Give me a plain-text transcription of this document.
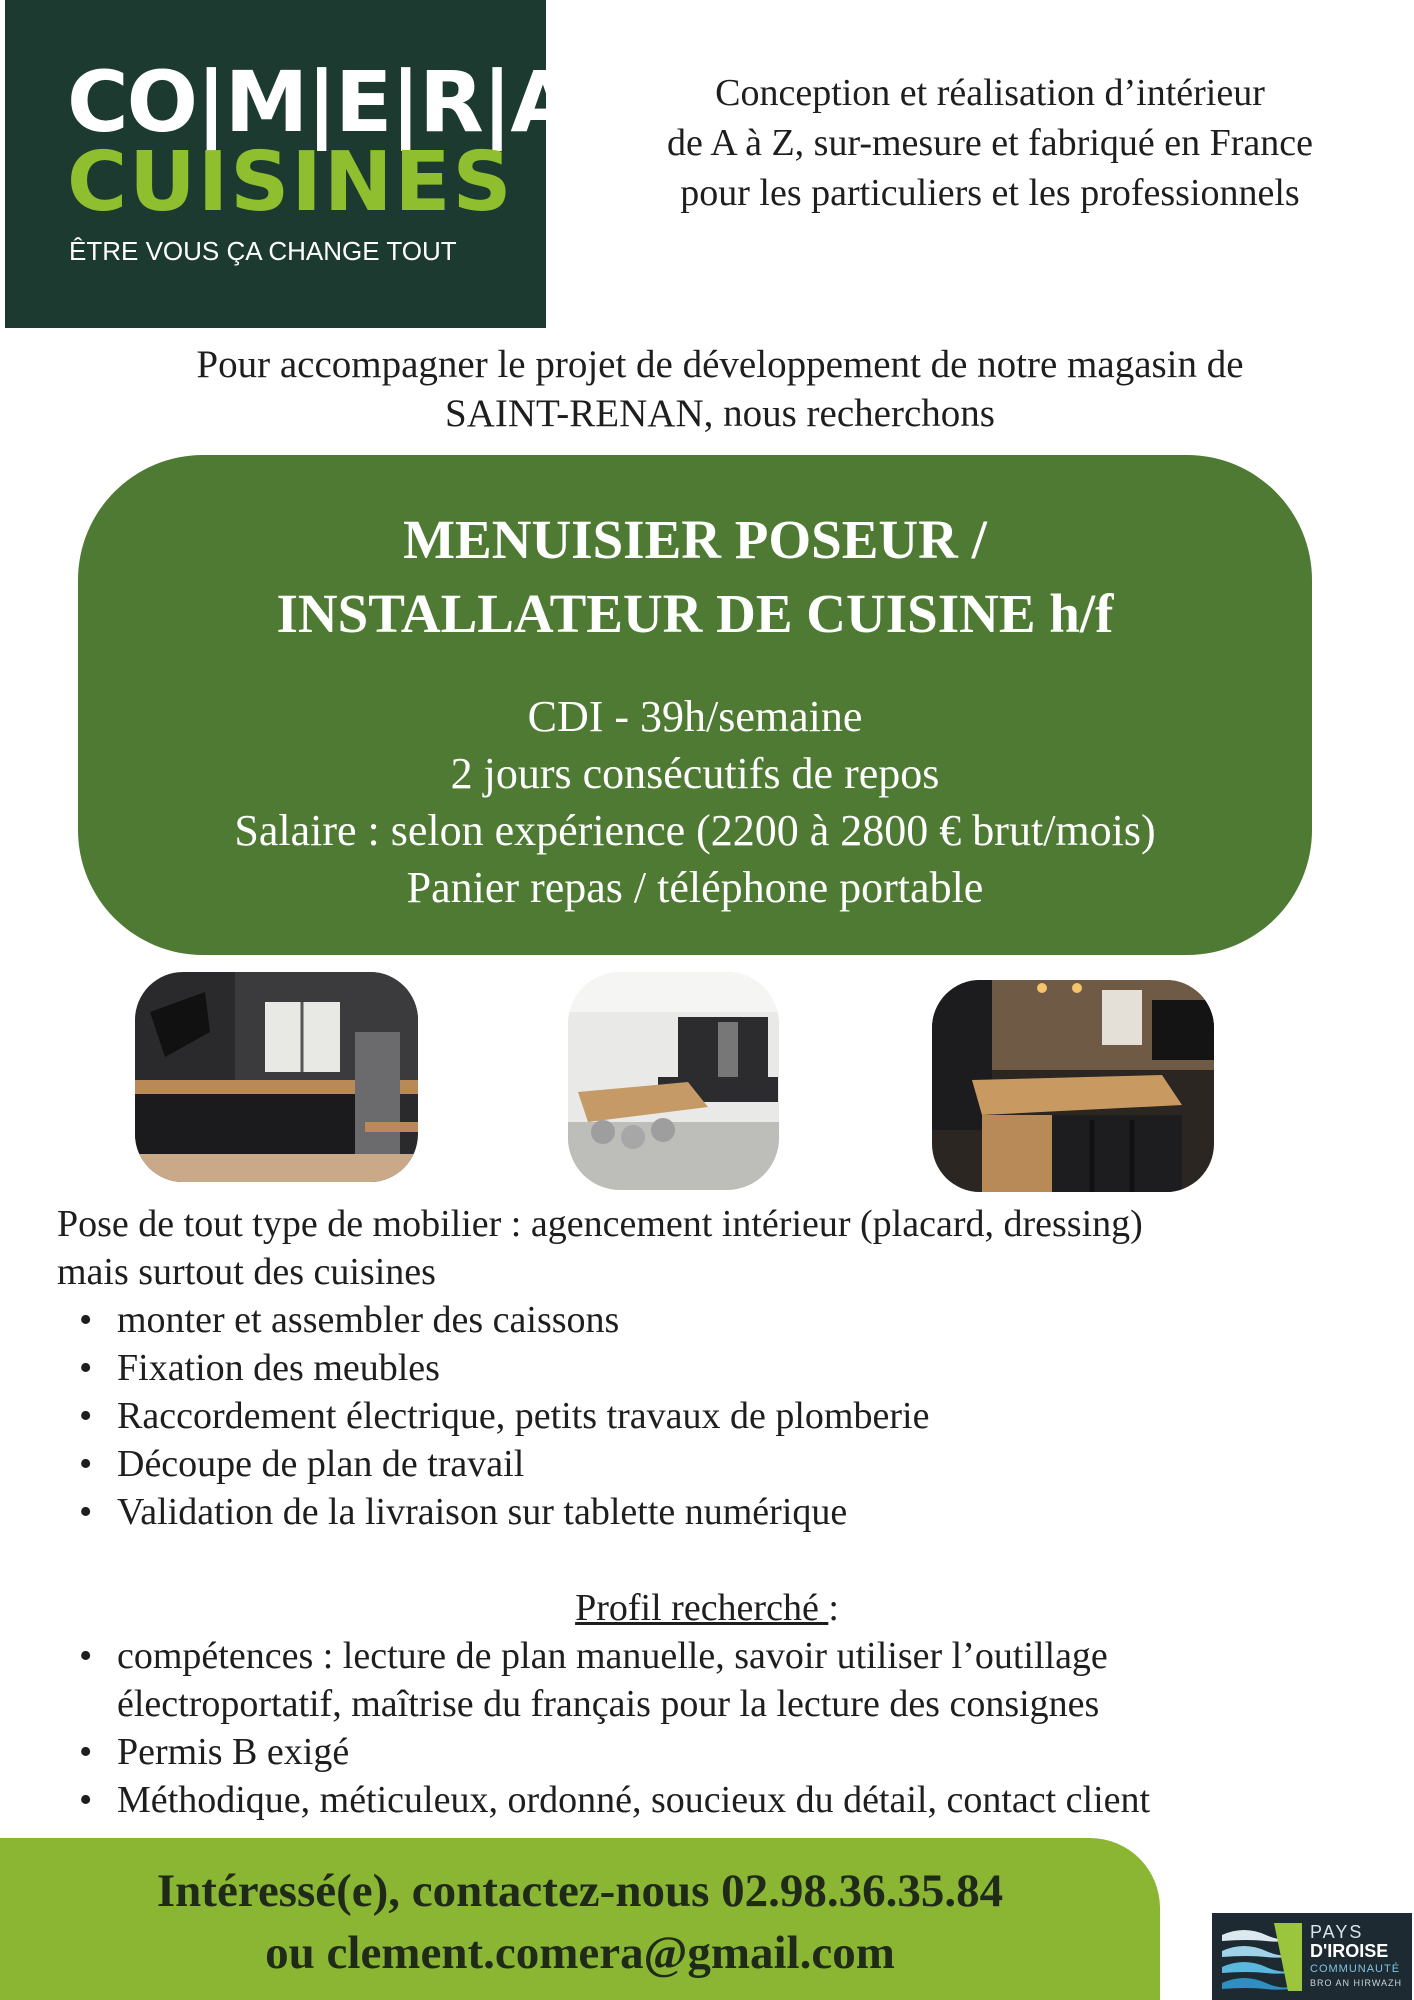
CO|M|E|R|A
CUISINES
ÊTRE VOUS ÇA CHANGE TOUT
Conception et réalisation d’intérieur
de A à Z, sur-mesure et fabriqué en France
pour les particuliers et les professionnels
Pour accompagner le projet de développement de notre magasin de
SAINT-RENAN, nous recherchons
MENUISIER POSEUR /
INSTALLATEUR DE CUISINE h/f
CDI - 39h/semaine
2 jours consécutifs de repos
Salaire : selon expérience (2200 à 2800 € brut/mois)
Panier repas / téléphone portable
Pose de tout type de mobilier : agencement intérieur (placard, dressing)
mais surtout des cuisines
• monter et assembler des caissons
• Fixation des meubles
• Raccordement électrique, petits travaux de plomberie
• Découpe de plan de travail
• Validation de la livraison sur tablette numérique
Profil recherché :
• compétences : lecture de plan manuelle, savoir utiliser l’outillage
électroportatif, maîtrise du français pour la lecture des consignes
• Permis B exigé
• Méthodique, méticuleux, ordonné, soucieux du détail, contact client
Intéressé(e), contactez-nous 02.98.36.35.84
ou clement.comera@gmail.com	PAYS
D'IROISE
COMMUNAUTÉ
BRO AN HIRWAZH
